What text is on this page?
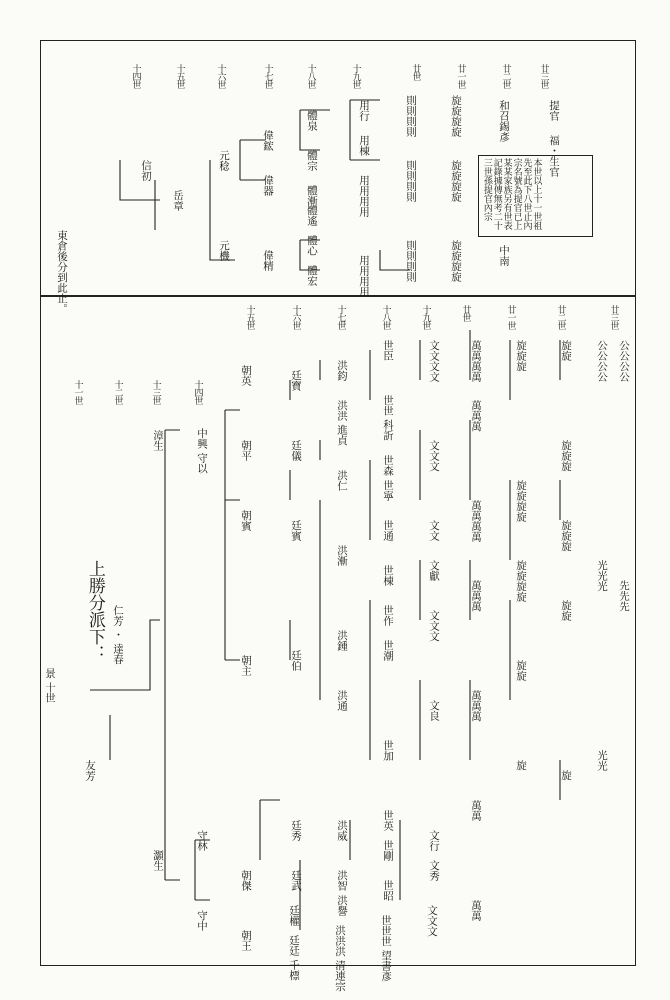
十四世	十五世	十六世	十七世	十八世	十九世	廿世	廿一世	廿二世	廿三世
信初
岳章
元稔
元機
偉鋐
偉器
偉精
體泉
體宗
體漸
體遙
體心
體宏
用行
用棟
用用用用
用用用用
則則則則
則則則則
則則則則
旋旋旋旋
旋旋旋旋
旋旋旋旋
和召錫彥
中南
提官
福・生官
東倉後分到此止。
本世以上十一世祖先至此下八世止內宗名號為提官已上某某家族另有世表記錄據傳無考二十三世孫提官內宗
上勝分派下：
十一世	十二世	十三世	十四世
十五世	十六世	十七世	十八世	十九世	廿世	廿一世	廿二世	廿三世
景 十世
友芳
仁芳 ・ 達春
漳生
灝生
中興 守以
守林
守中
朝英
朝平
朝賓
朝主
朝傑
朝王
廷寶
廷儀
廷賓
廷伯
廷秀
廷武
廷權
廷廷 千標
洪鈞
洪洪 進貞
洪仁
洪漸
洪鍾
洪通
洪威
洪智
洪譽
洪洪洪 清連宗
世臣
世世 科訢
世森
世寧
世通
世棟
世作
世潮
世加
世英
世剛
世昭
世世世 望書彥
文文文文
文文文
文文
文獻
文文文
文良
文行
文秀
文文文
萬萬萬萬
萬萬萬
萬萬萬萬
萬萬萬
萬萬萬
萬萬
萬萬
旋旋旋
旋旋旋旋
旋旋旋旋
旋旋
旋
旋旋
旋旋旋
旋旋旋
旋旋
旋
公公公公
光光光
光光
公公公公
先先先
